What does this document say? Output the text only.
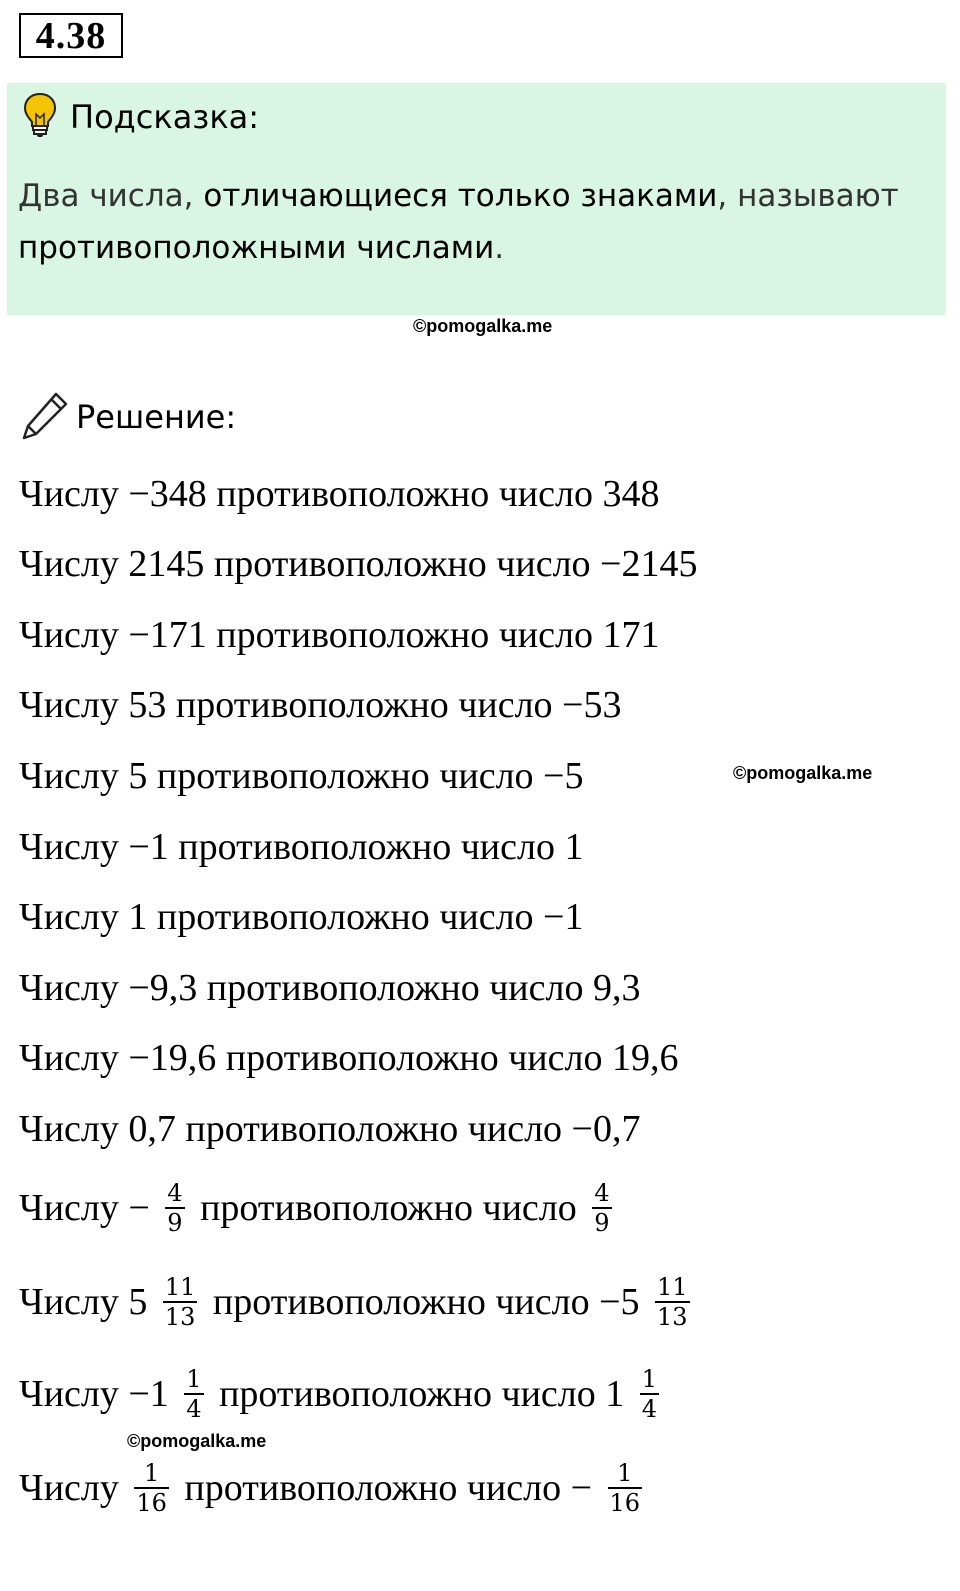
4.38
Подсказка:
Два числа, отличающиеся только знаками, называют противоположными числами.
©pomogalka.me
Решение:
Числу −348 противоположно число 348
Числу 2145 противоположно число −2145
Числу −171 противоположно число 171
Числу 53 противоположно число −53
Числу 5 противоположно число −5
Числу −1 противоположно число 1
Числу 1 противоположно число −1
Числу −9,3 противоположно число 9,3
Числу −19,6 противоположно число 19,6
Числу 0,7 противоположно число −0,7
Числу − $\frac{4}{9}$ противоположно число $\frac{4}{9}$
Числу $5 \frac{11}{13}$ противоположно число $-5 \frac{11}{13}$
Числу $-1 \frac{1}{4}$ противоположно число $1 \frac{1}{4}$
Числу $\frac{1}{16}$ противоположно число − $\frac{1}{16}$
©pomogalka.me
©pomogalka.me
